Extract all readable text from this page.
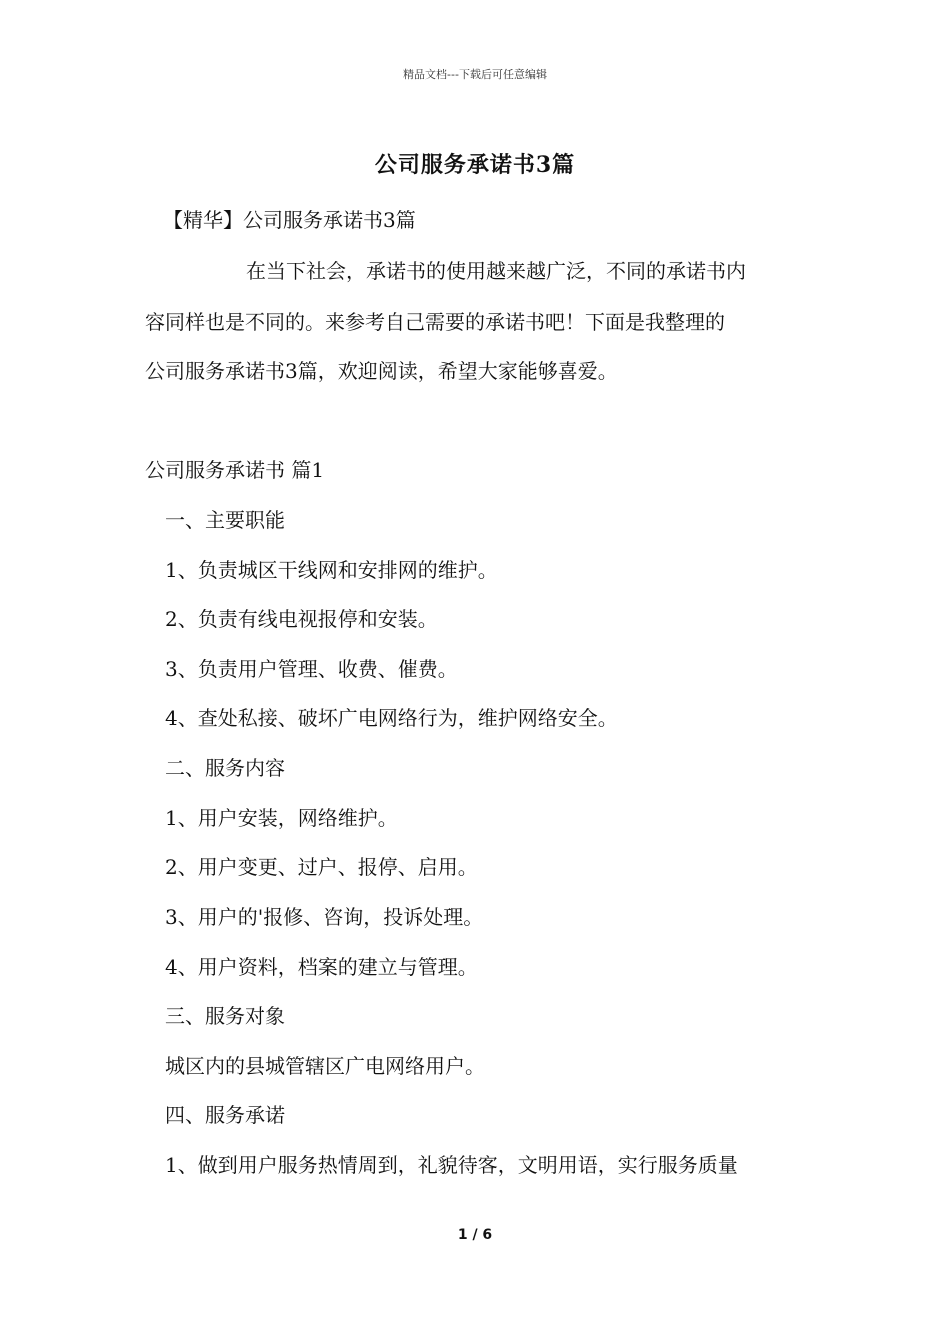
精品文档---下载后可任意编辑
公司服务承诺书3篇
【精华】公司服务承诺书3篇
在当下社会，承诺书的使用越来越广泛，不同的承诺书内
容同样也是不同的。来参考自己需要的承诺书吧！下面是我整理的
公司服务承诺书3篇，欢迎阅读，希望大家能够喜爱。
公司服务承诺书 篇1
一、主要职能
1、负责城区干线网和安排网的维护。
2、负责有线电视报停和安装。
3、负责用户管理、收费、催费。
4、查处私接、破坏广电网络行为，维护网络安全。
二、服务内容
1、用户安装，网络维护。
2、用户变更、过户、报停、启用。
3、用户的'报修、咨询，投诉处理。
4、用户资料，档案的建立与管理。
三、服务对象
城区内的县城管辖区广电网络用户。
四、服务承诺
1、做到用户服务热情周到，礼貌待客，文明用语，实行服务质量
1 / 6
